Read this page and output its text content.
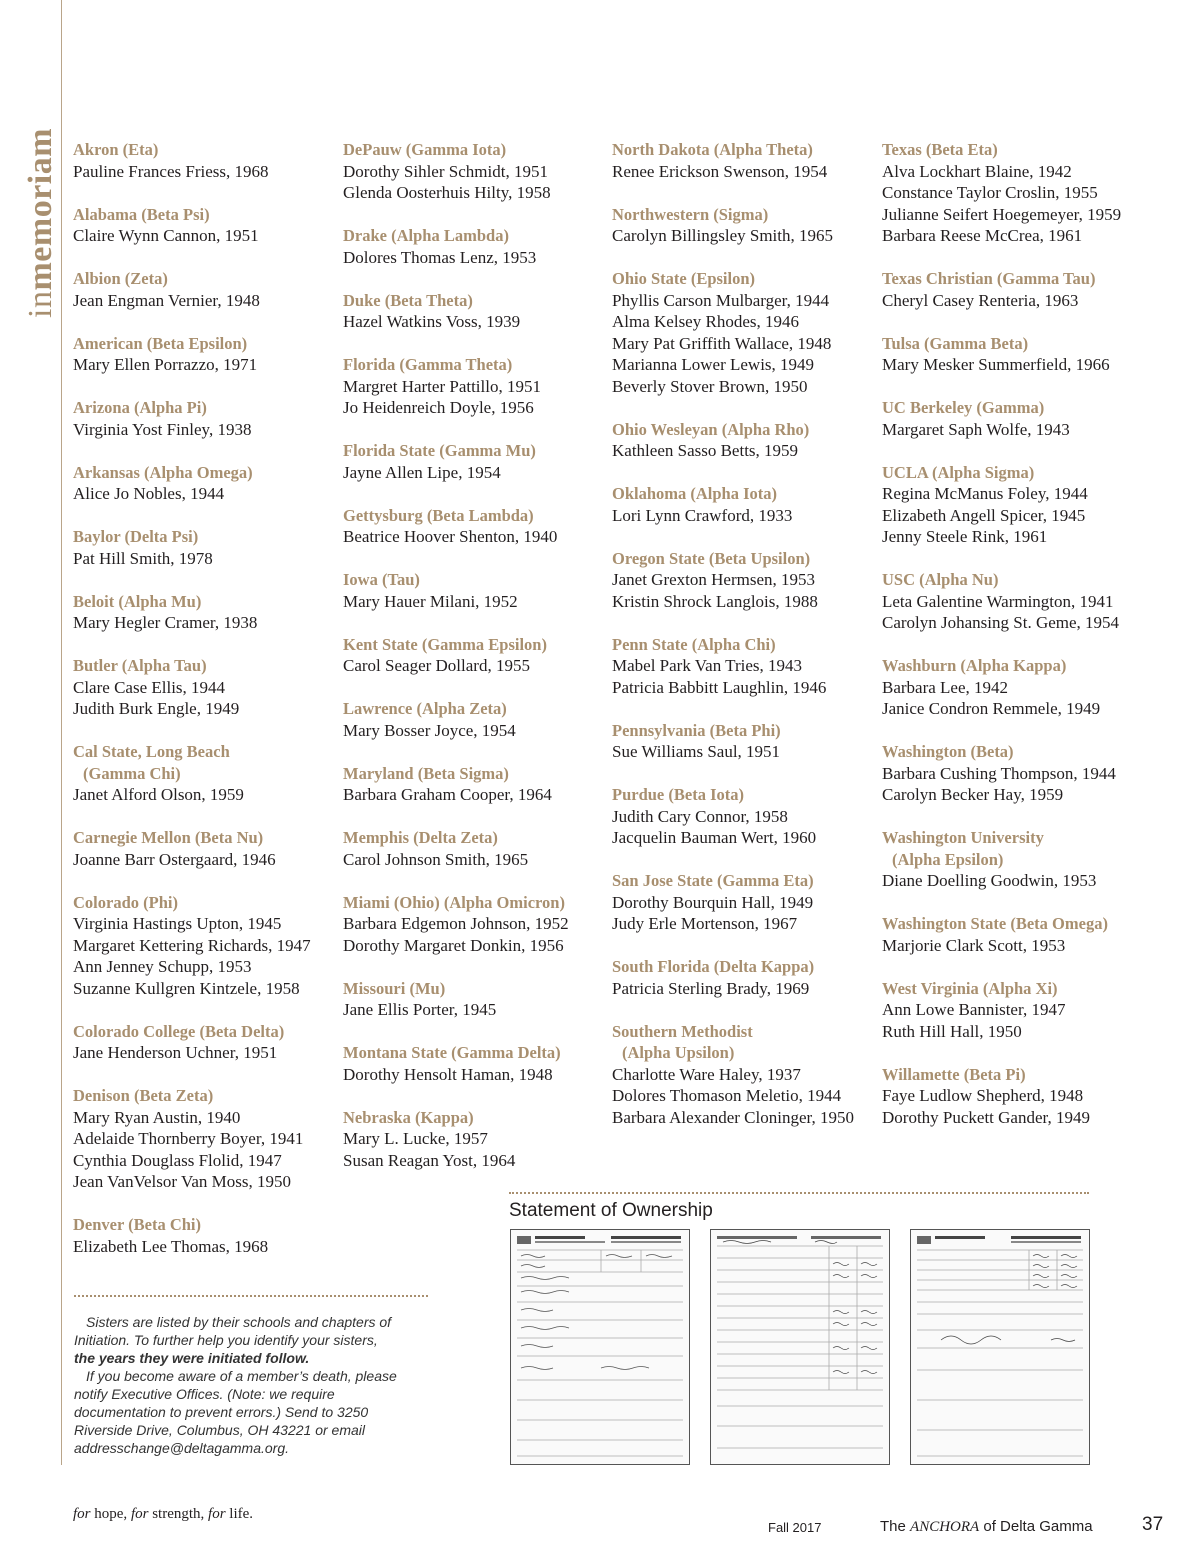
inmemoriam Akron (Eta)
Pauline Frances Friess, 1968
Alabama (Beta Psi)
Claire Wynn Cannon, 1951
Albion (Zeta)
Jean Engman Vernier, 1948
American (Beta Epsilon)
Mary Ellen Porrazzo, 1971
Arizona (Alpha Pi)
Virginia Yost Finley, 1938
Arkansas (Alpha Omega)
Alice Jo Nobles, 1944
Baylor (Delta Psi)
Pat Hill Smith, 1978
Beloit (Alpha Mu)
Mary Hegler Cramer, 1938
Butler (Alpha Tau)
Clare Case Ellis, 1944
Judith Burk Engle, 1949
Cal State, Long Beach
(Gamma Chi)
Janet Alford Olson, 1959
Carnegie Mellon (Beta Nu)
Joanne Barr Ostergaard, 1946
Colorado (Phi)
Virginia Hastings Upton, 1945
Margaret Kettering Richards, 1947
Ann Jenney Schupp, 1953
Suzanne Kullgren Kintzele, 1958
Colorado College (Beta Delta)
Jane Henderson Uchner, 1951
Denison (Beta Zeta)
Mary Ryan Austin, 1940
Adelaide Thornberry Boyer, 1941
Cynthia Douglass Flolid, 1947
Jean VanVelsor Van Moss, 1950
Denver (Beta Chi)
Elizabeth Lee Thomas, 1968
DePauw (Gamma Iota)
Dorothy Sihler Schmidt, 1951
Glenda Oosterhuis Hilty, 1958
Drake (Alpha Lambda)
Dolores Thomas Lenz, 1953
Duke (Beta Theta)
Hazel Watkins Voss, 1939
Florida (Gamma Theta)
Margret Harter Pattillo, 1951
Jo Heidenreich Doyle, 1956
Florida State (Gamma Mu)
Jayne Allen Lipe, 1954
Gettysburg (Beta Lambda)
Beatrice Hoover Shenton, 1940
Iowa (Tau)
Mary Hauer Milani, 1952
Kent State (Gamma Epsilon)
Carol Seager Dollard, 1955
Lawrence (Alpha Zeta)
Mary Bosser Joyce, 1954
Maryland (Beta Sigma)
Barbara Graham Cooper, 1964
Memphis (Delta Zeta)
Carol Johnson Smith, 1965
Miami (Ohio) (Alpha Omicron)
Barbara Edgemon Johnson, 1952
Dorothy Margaret Donkin, 1956
Missouri (Mu)
Jane Ellis Porter, 1945
Montana State (Gamma Delta)
Dorothy Hensolt Haman, 1948
Nebraska (Kappa)
Mary L. Lucke, 1957
Susan Reagan Yost, 1964
North Dakota (Alpha Theta)
Renee Erickson Swenson, 1954
Northwestern (Sigma)
Carolyn Billingsley Smith, 1965
Ohio State (Epsilon)
Phyllis Carson Mulbarger, 1944
Alma Kelsey Rhodes, 1946
Mary Pat Griffith Wallace, 1948
Marianna Lower Lewis, 1949
Beverly Stover Brown, 1950
Ohio Wesleyan (Alpha Rho)
Kathleen Sasso Betts, 1959
Oklahoma (Alpha Iota)
Lori Lynn Crawford, 1933
Oregon State (Beta Upsilon)
Janet Grexton Hermsen, 1953
Kristin Shrock Langlois, 1988
Penn State (Alpha Chi)
Mabel Park Van Tries, 1943
Patricia Babbitt Laughlin, 1946
Pennsylvania (Beta Phi)
Sue Williams Saul, 1951
Purdue (Beta Iota)
Judith Cary Connor, 1958
Jacquelin Bauman Wert, 1960
San Jose State (Gamma Eta)
Dorothy Bourquin Hall, 1949
Judy Erle Mortenson, 1967
South Florida (Delta Kappa)
Patricia Sterling Brady, 1969
Southern Methodist
(Alpha Upsilon)
Charlotte Ware Haley, 1937
Dolores Thomason Meletio, 1944
Barbara Alexander Cloninger, 1950
Texas (Beta Eta)
Alva Lockhart Blaine, 1942
Constance Taylor Croslin, 1955
Julianne Seifert Hoegemeyer, 1959
Barbara Reese McCrea, 1961
Texas Christian (Gamma Tau)
Cheryl Casey Renteria, 1963
Tulsa (Gamma Beta)
Mary Mesker Summerfield, 1966
UC Berkeley (Gamma)
Margaret Saph Wolfe, 1943
UCLA (Alpha Sigma)
Regina McManus Foley, 1944
Elizabeth Angell Spicer, 1945
Jenny Steele Rink, 1961
USC (Alpha Nu)
Leta Galentine Warmington, 1941
Carolyn Johansing St. Geme, 1954
Washburn (Alpha Kappa)
Barbara Lee, 1942
Janice Condron Remmele, 1949
Washington (Beta)
Barbara Cushing Thompson, 1944
Carolyn Becker Hay, 1959
Washington University
(Alpha Epsilon)
Diane Doelling Goodwin, 1953
Washington State (Beta Omega)
Marjorie Clark Scott, 1953
West Virginia (Alpha Xi)
Ann Lowe Bannister, 1947
Ruth Hill Hall, 1950
Willamette (Beta Pi)
Faye Ludlow Shepherd, 1948
Dorothy Puckett Gander, 1949

Sisters are listed by their schools and chapters of Initiation. To further help you identify your sisters,
the years they were initiated follow.

If you become aware of a member’s death, please notify Executive Offices. (Note: we require documentation to prevent errors.) Send to 3250 Riverside Drive, Columbus, OH 43221 or email addresschange@deltagamma.org.

Statement of Ownership
for hope, for strength, for life.
Fall 2017	The ANCHORA of Delta Gamma	37
